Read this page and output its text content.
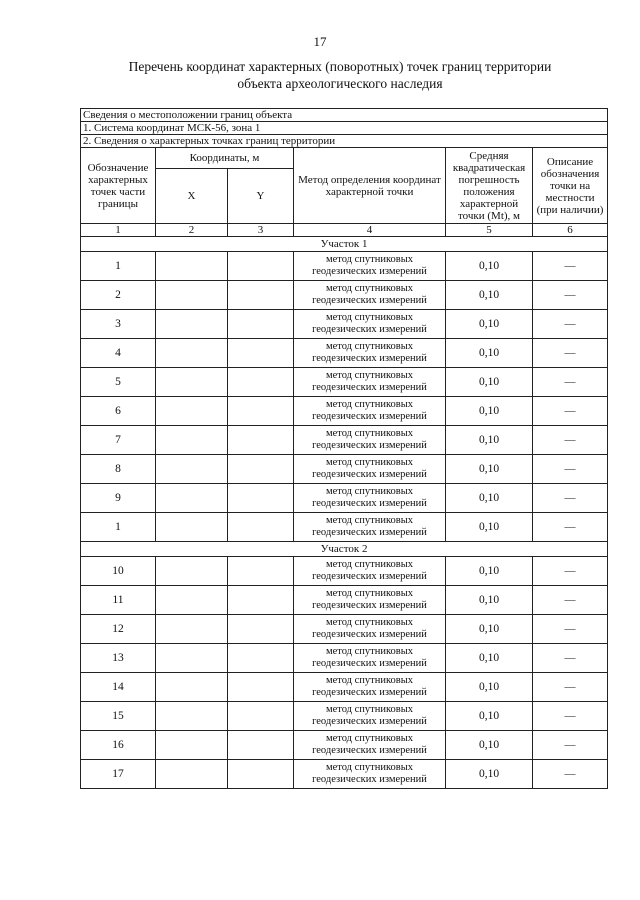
17
Перечень координат характерных (поворотных) точек границ территории
объекта археологического наследия
Сведения о местоположении границ объекта					
1. Система координат МСК-56, зона 1					
2. Сведения о характерных точках границ территории					
Обозначение характерных точек части границы	Координаты, м		Метод определения координат характерной точки	Средняя квадратическая погрешность положения характерной точки (Mt), м	Описание обозначения точки на местности (при наличии)
	X	Y			
1	2	3	4	5	6
Участок 1					
1			метод спутниковых геодезических измерений	0,10	—
2			метод спутниковых геодезических измерений	0,10	—
3			метод спутниковых геодезических измерений	0,10	—
4			метод спутниковых геодезических измерений	0,10	—
5			метод спутниковых геодезических измерений	0,10	—
6			метод спутниковых геодезических измерений	0,10	—
7			метод спутниковых геодезических измерений	0,10	—
8			метод спутниковых геодезических измерений	0,10	—
9			метод спутниковых геодезических измерений	0,10	—
1			метод спутниковых геодезических измерений	0,10	—
Участок 2					
10			метод спутниковых геодезических измерений	0,10	—
11			метод спутниковых геодезических измерений	0,10	—
12			метод спутниковых геодезических измерений	0,10	—
13			метод спутниковых геодезических измерений	0,10	—
14			метод спутниковых геодезических измерений	0,10	—
15			метод спутниковых геодезических измерений	0,10	—
16			метод спутниковых геодезических измерений	0,10	—
17			метод спутниковых геодезических измерений	0,10	—
